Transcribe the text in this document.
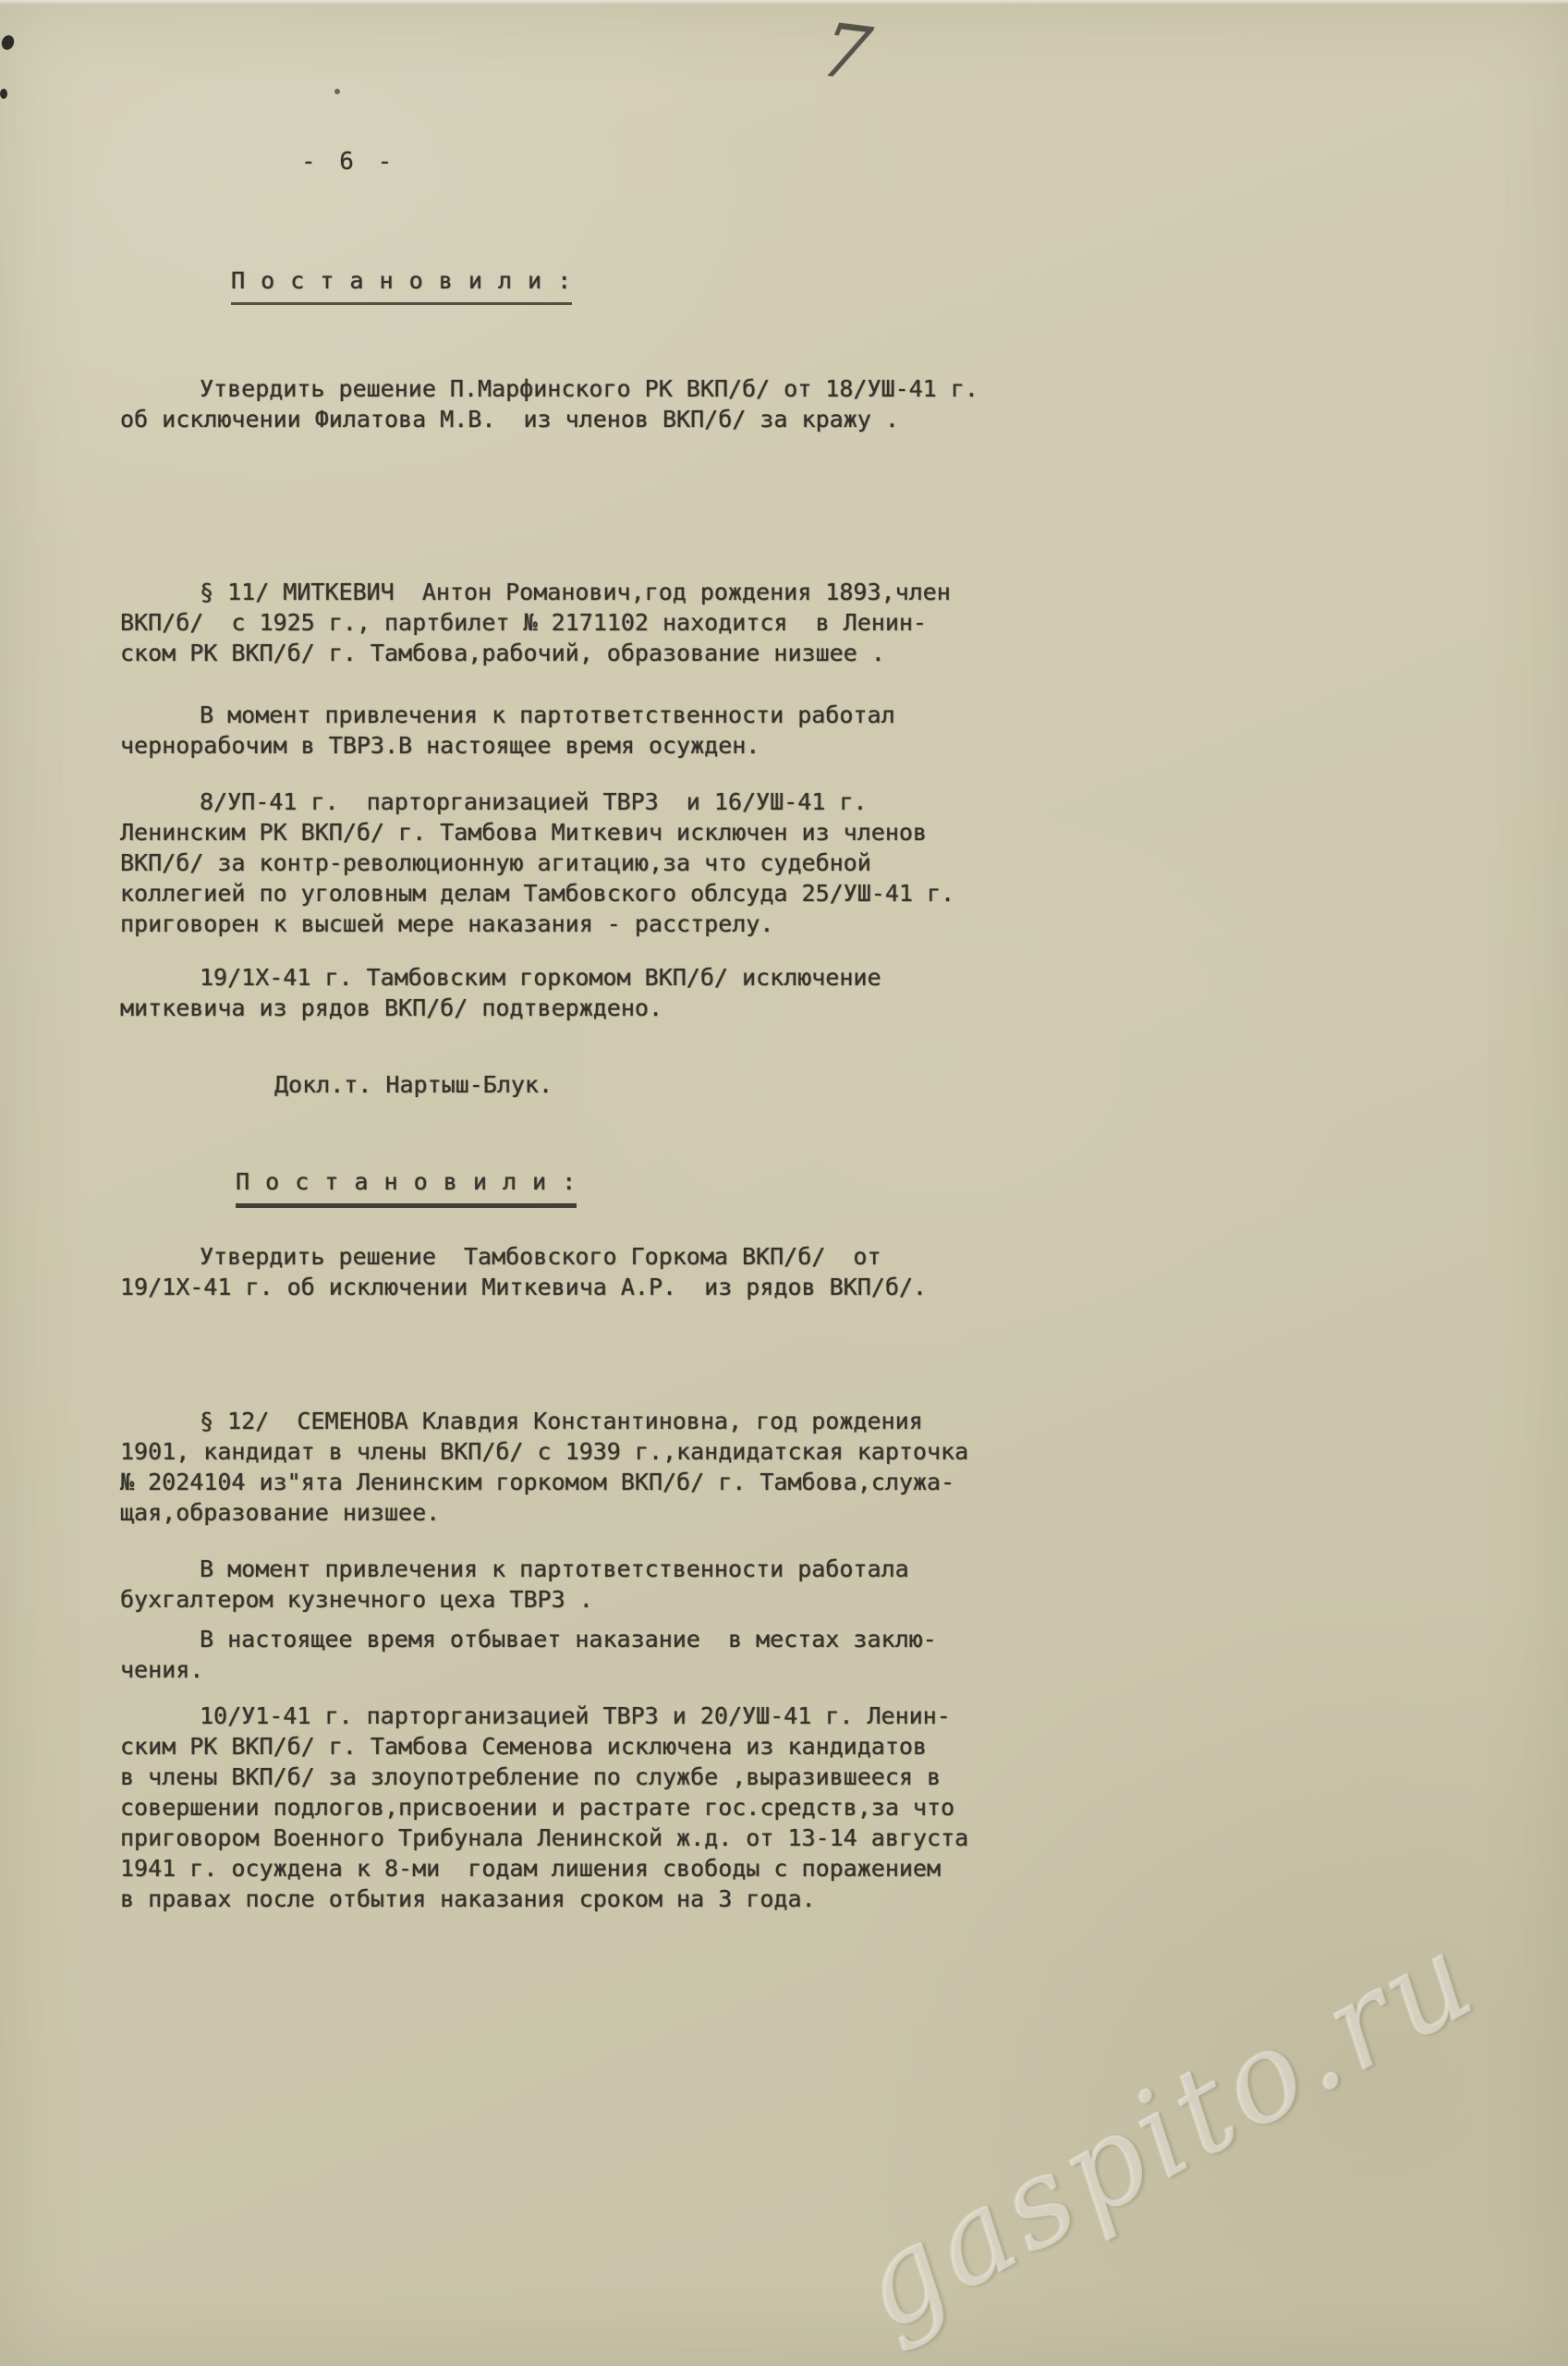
- 6 -
7
П о с т а н о в и л и :
Утвердить решение П.Марфинского РК ВКП/б/ от 18/УШ-41 г.
об исключении Филатова М.В.  из членов ВКП/б/ за кражу .
§ 11/ МИТКЕВИЧ  Антон Романович,год рождения 1893,член
ВКП/б/  с 1925 г., партбилет № 2171102 находится  в Ленин-
ском РК ВКП/б/ г. Тамбова,рабочий, образование низшее .
В момент привлечения к партответственности работал
чернорабочим в ТВРЗ.В настоящее время осужден.
8/УП-41 г.  парторганизацией ТВРЗ  и 16/УШ-41 г.
Ленинским РК ВКП/б/ г. Тамбова Миткевич исключен из членов
ВКП/б/ за контр-революционную агитацию,за что судебной
коллегией по уголовным делам Тамбовского облсуда 25/УШ-41 г.
приговорен к высшей мере наказания - расстрелу.
19/1Х-41 г. Тамбовским горкомом ВКП/б/ исключение
миткевича из рядов ВКП/б/ подтверждено.
Докл.т. Нартыш-Блук.
П о с т а н о в и л и :
Утвердить решение  Тамбовского Горкома ВКП/б/  от
19/1Х-41 г. об исключении Миткевича А.Р.  из рядов ВКП/б/.
§ 12/  СЕМЕНОВА Клавдия Константиновна, год рождения
1901, кандидат в члены ВКП/б/ с 1939 г.,кандидатская карточка
№ 2024104 из"ята Ленинским горкомом ВКП/б/ г. Тамбова,служа-
щая,образование низшее.
В момент привлечения к партответственности работала
бухгалтером кузнечного цеха ТВРЗ .
В настоящее время отбывает наказание  в местах заклю-
чения.
10/У1-41 г. парторганизацией ТВРЗ и 20/УШ-41 г. Ленин-
ским РК ВКП/б/ г. Тамбова Семенова исключена из кандидатов
в члены ВКП/б/ за злоупотребление по службе ,выразившееся в
совершении подлогов,присвоении и растрате гос.средств,за что
приговором Военного Трибунала Ленинской ж.д. от 13-14 августа
1941 г. осуждена к 8-ми  годам лишения свободы с поражением
в правах после отбытия наказания сроком на 3 года.
gaspito.ru
